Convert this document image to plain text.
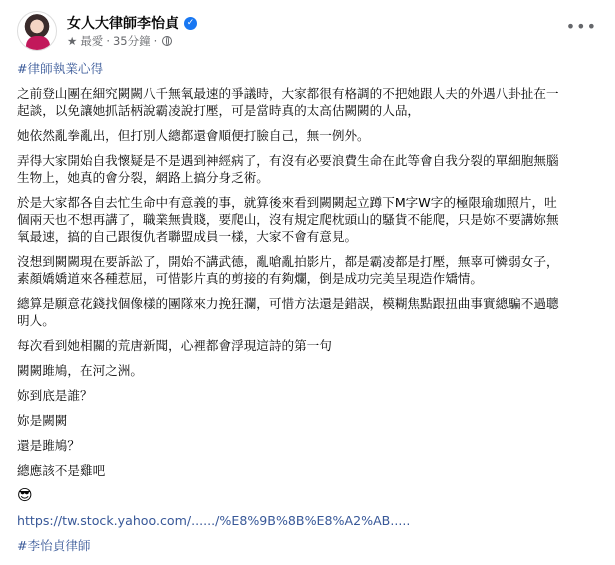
女人大律師李怡貞 ✓
★ 最愛 · 35分鐘 ·
•••

#律師執業心得

之前登山團在細究闕闕八千無氧最速的爭議時，大家都很有格調的不把她跟人夫的外遇八卦扯在一

起談，以免讓她抓話柄說霸凌說打壓，可是當時真的太高估闕闕的人品，

她依然亂拳亂出，但打別人總都還會順便打臉自己，無一例外。

弄得大家開始自我懷疑是不是遇到神經病了，有沒有必要浪費生命在此等會自我分裂的單細胞無腦

生物上，她真的會分裂，網路上搞分身乏術。

於是大家都各自去忙生命中有意義的事，就算後來看到闕闕起立蹲下M字W字的極限瑜珈照片，吐

個兩天也不想再講了，職業無貴賤，要爬山，沒有規定爬枕頭山的騷貨不能爬，只是妳不要講妳無

氧最速，搞的自己跟復仇者聯盟成員一樣，大家不會有意見。

沒想到闕闕現在要訴訟了，開始不講武德，亂嗆亂拍影片，都是霸凌都是打壓，無辜可憐弱女子，

素顏嬌嬌道來各種惹屈，可惜影片真的剪接的有夠爛，倒是成功完美呈現造作矯情。

總算是願意花錢找個像樣的團隊來力挽狂瀾，可惜方法還是錯誤，模糊焦點跟扭曲事實總騙不過聰

明人。

每次看到她相關的荒唐新聞，心裡都會浮現這詩的第一句

闕闕雎鳩，在河之洲。

妳到底是誰？

妳是闕闕

還是雎鳩？

總應該不是雞吧

😎

https://tw.stock.yahoo.com/....../%E8%9B%8B%E8%A2%AB.....

#李怡貞律師
